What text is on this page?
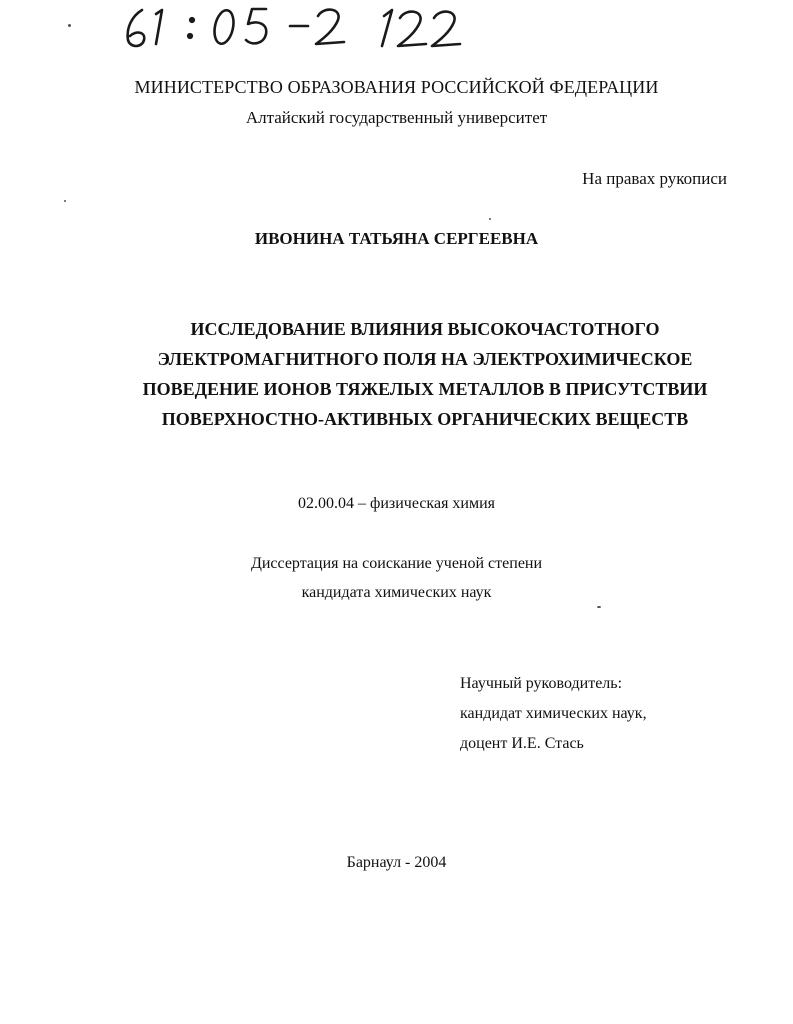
МИНИСТЕРСТВО ОБРАЗОВАНИЯ РОССИЙСКОЙ ФЕДЕРАЦИИ
Алтайский государственный университет
На правах рукописи
ИВОНИНА ТАТЬЯНА СЕРГЕЕВНА
ИССЛЕДОВАНИЕ ВЛИЯНИЯ ВЫСОКОЧАСТОТНОГО
ЭЛЕКТРОМАГНИТНОГО ПОЛЯ НА ЭЛЕКТРОХИМИЧЕСКОЕ
ПОВЕДЕНИЕ ИОНОВ ТЯЖЕЛЫХ МЕТАЛЛОВ В ПРИСУТСТВИИ
ПОВЕРХНОСТНО-АКТИВНЫХ ОРГАНИЧЕСКИХ ВЕЩЕСТВ
02.00.04 – физическая химия
Диссертация на соискание ученой степени
кандидата химических наук
Научный руководитель:
кандидат химических наук,
доцент И.Е. Стась
Барнаул - 2004
